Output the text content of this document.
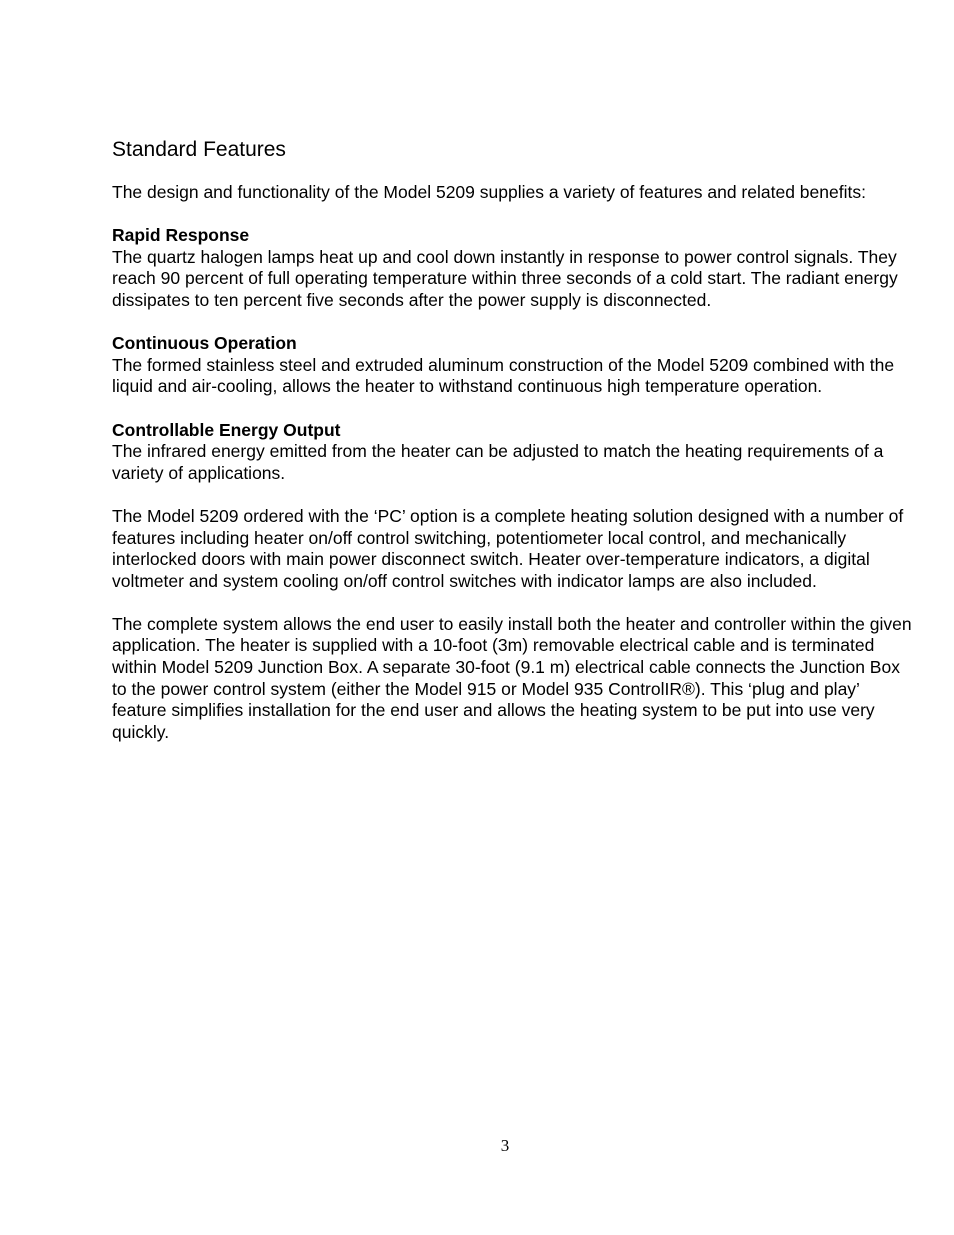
Standard Features

The design and functionality of the Model 5209 supplies a variety of features and related benefits:

Rapid Response

The quartz halogen lamps heat up and cool down instantly in response to power control signals. They reach 90 percent of full operating temperature within three seconds of a cold start. The radiant energy dissipates to ten percent five seconds after the power supply is disconnected.

Continuous Operation

The formed stainless steel and extruded aluminum construction of the Model 5209 combined with the liquid and air-cooling, allows the heater to withstand continuous high temperature operation.

Controllable Energy Output

The infrared energy emitted from the heater can be adjusted to match the heating requirements of a variety of applications.

The Model 5209 ordered with the ‘PC’ option is a complete heating solution designed with a number of features including heater on/off control switching, potentiometer local control, and mechanically interlocked doors with main power disconnect switch. Heater over-temperature indicators, a digital voltmeter and system cooling on/off control switches with indicator lamps are also included.

The complete system allows the end user to easily install both the heater and controller within the given application. The heater is supplied with a 10-foot (3m) removable electrical cable and is terminated within Model 5209 Junction Box. A separate 30-foot (9.1 m) electrical cable connects the Junction Box to the power control system (either the Model 915 or Model 935 ControlIR®). This ‘plug and play’ feature simplifies installation for the end user and allows the heating system to be put into use very quickly.

3
